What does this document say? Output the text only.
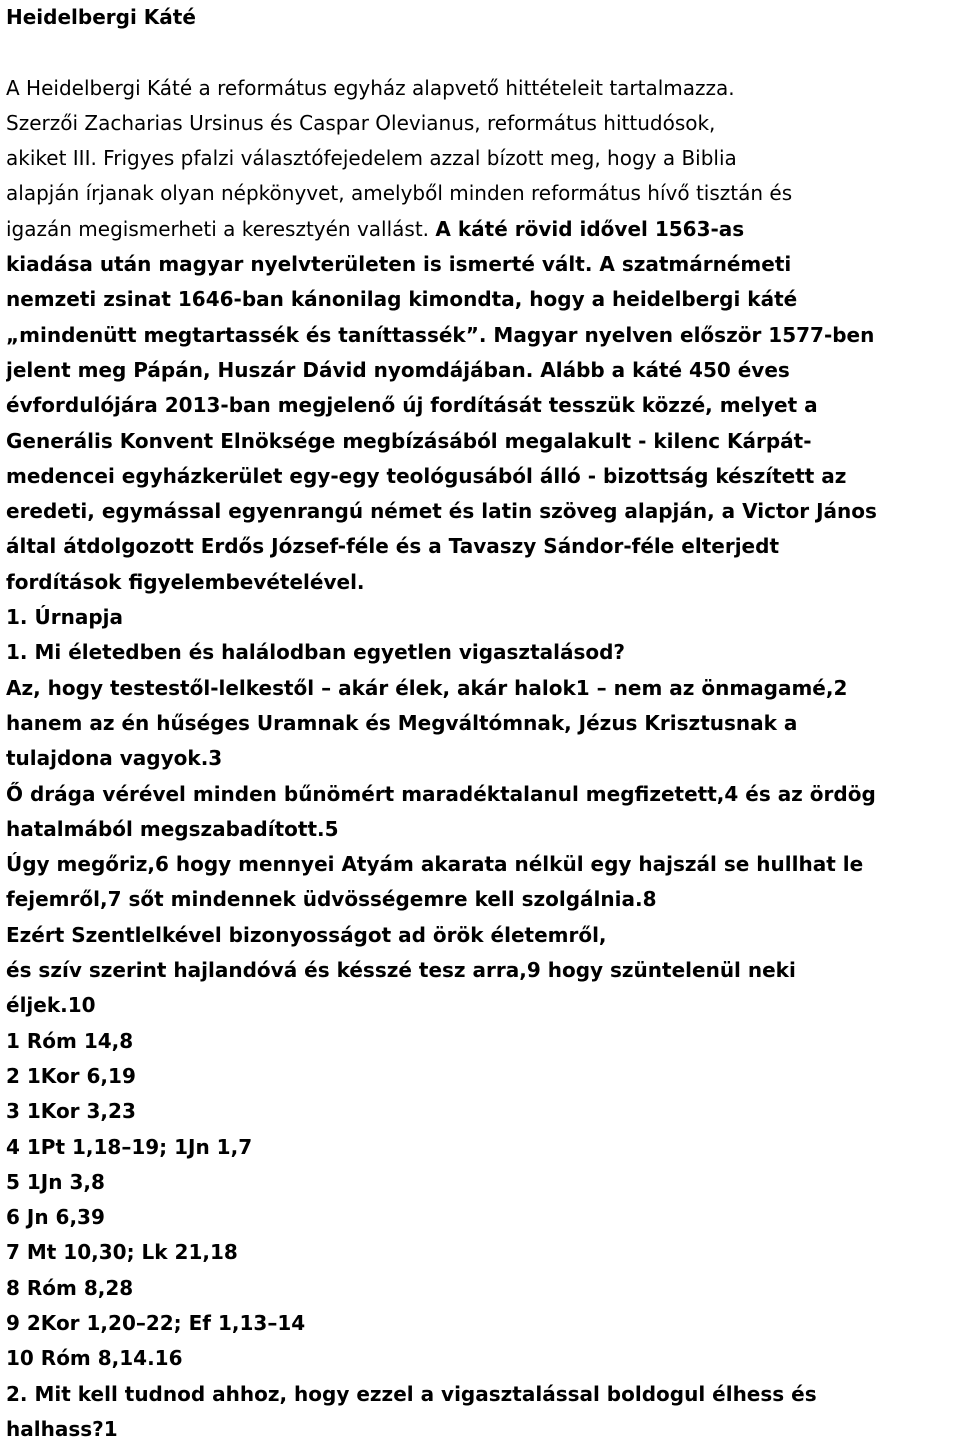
Heidelbergi Káté
A Heidelbergi Káté a református egyház alapvető hittételeit tartalmazza.
Szerzői Zacharias Ursinus és Caspar Olevianus, református hittudósok,
akiket III. Frigyes pfalzi választófejedelem azzal bízott meg, hogy a Biblia
alapján írjanak olyan népkönyvet, amelyből minden református hívő tisztán és
igazán megismerheti a keresztyén vallást. A káté rövid idővel 1563-as
kiadása után magyar nyelvterületen is ismerté vált. A szatmárnémeti
nemzeti zsinat 1646-ban kánonilag kimondta, hogy a heidelbergi káté
„mindenütt megtartassék és taníttassék”. Magyar nyelven először 1577-ben
jelent meg Pápán, Huszár Dávid nyomdájában. Alább a káté 450 éves
évfordulójára 2013-ban megjelenő új fordítását tesszük közzé, melyet a
Generális Konvent Elnöksége megbízásából megalakult - kilenc Kárpát-
medencei egyházkerület egy-egy teológusából álló - bizottság készített az
eredeti, egymással egyenrangú német és latin szöveg alapján, a Victor János
által átdolgozott Erdős József-féle és a Tavaszy Sándor-féle elterjedt
fordítások figyelembevételével.
1. Úrnapja
1. Mi életedben és halálodban egyetlen vigasztalásod?
Az, hogy testestől-lelkestől – akár élek, akár halok1 – nem az önmagamé,2
hanem az én hűséges Uramnak és Megváltómnak, Jézus Krisztusnak a
tulajdona vagyok.3
Ő drága vérével minden bűnömért maradéktalanul megfizetett,4 és az ördög
hatalmából megszabadított.5
Úgy megőriz,6 hogy mennyei Atyám akarata nélkül egy hajszál se hullhat le
fejemről,7 sőt mindennek üdvösségemre kell szolgálnia.8
Ezért Szentlelkével bizonyosságot ad örök életemről,
és szív szerint hajlandóvá és késszé tesz arra,9 hogy szüntelenül neki
éljek.10
1 Róm 14,8
2 1Kor 6,19
3 1Kor 3,23
4 1Pt 1,18–19; 1Jn 1,7
5 1Jn 3,8
6 Jn 6,39
7 Mt 10,30; Lk 21,18
8 Róm 8,28
9 2Kor 1,20–22; Ef 1,13–14
10 Róm 8,14.16
2. Mit kell tudnod ahhoz, hogy ezzel a vigasztalással boldogul élhess és
halhass?1
